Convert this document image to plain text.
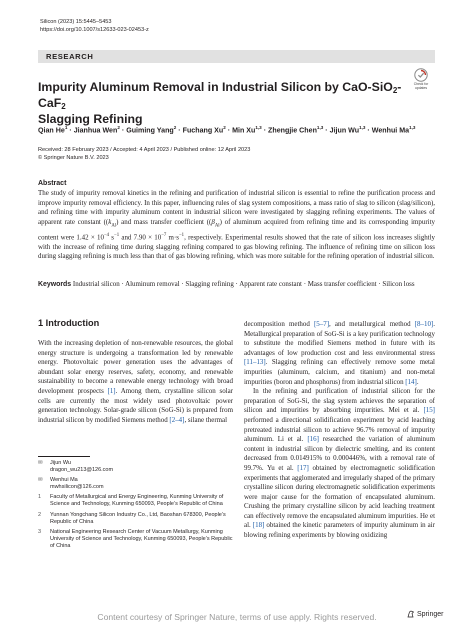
Silicon (2023) 15:5445–5453
https://doi.org/10.1007/s12633-023-02453-z
RESEARCH
Check for
updates
Impurity Aluminum Removal in Industrial Silicon by CaO-SiO$_2$-CaF$_2$
Slagging Refining

Qian $He^1$ · Jianhua Wen$^2$ · Guiming Yang$^2$ · Fuchang $Xu^2$ · Min Xu$^{1,3}$ · Zhengjie Chen$^{1,3}$ · Jijun Wu$^{1,3}$ · Wenhui Ma$^{1,3}$

Received: 28 February 2023 / Accepted: 4 April 2023 / Published online: 12 April 2023
© Springer Nature B.V. 2023
Abstract

The study of impurity removal kinetics in the refining and purification of industrial silicon is essential to refine the purification process and improve impurity removal efficiency. In this paper, influencing rules of slag system compositions, a mass ratio of slag to silicon (slag/silicon), and refining time with impurity aluminum content in industrial silicon were investigated by slagging refining experiments. The values of apparent rate constant ($(k_{Al})$ and mass transfer coefficient ($(\beta_{Al})$ of aluminum acquired from refining time and its corresponding impurity content were $1.42 \times 10^{-4}$ $s^{-1}$ and $7.90 \times 10^{-7}$ $m\cdot s^{-1}$, respectively. Experimental results showed that the rate of silicon loss increases slightly with the increase of refining time during slagging refining compared to gas blowing refining. The influence of refining time on silicon loss during slagging refining is much less than that of gas blowing refining, which was more suitable for the refining operation of industrial silicon.

Keywords Industrial silicon · Aluminum removal · Slagging refining · Apparent rate constant · Mass transfer coefficient · Silicon loss

1 Introduction

With the increasing depletion of non-renewable resources, the global energy structure is undergoing a transformation led by renewable energy. Photovoltaic power generation uses the advantages of abundant solar energy reserves, safety, economy, and renewable sustainability to become a renewable energy technology with broad development prospects [1]. Among them, crystalline silicon solar cells are currently the most widely used photovoltaic power generation technology. Solar-grade silicon (SoG-Si) is prepared from industrial silicon by modified Siemens method [2–4], silane thermal

decomposition method [5–7], and metallurgical method [8–10]. Metallurgical preparation of SoG-Si is a key purification technology to substitute the modified Siemens method in future with its advantages of low production cost and less environmental stress [11–13]. Slagging refining can effectively remove some metal impurities (aluminum, calcium, and titanium) and non-metal impurities (boron and phosphorus) from industrial silicon [14].

In the refining and purification of industrial silicon for the preparation of SoG-Si, the slag system achieves the separation of silicon and impurities by absorbing impurities. Mei et al. [15] performed a directional solidification experiment by acid leaching pretreated industrial silicon to achieve 96.7% removal of impurity aluminum. Li et al. [16] researched the variation of aluminum content in industrial silicon by dielectric smelting, and its content decreased from 0.014915% to 0.000446%, with a removal rate of 99.7%. Yu et al. [17] obtained by electromagnetic solidification experiments that agglomerated and irregularly shaped of the primary crystalline silicon during electromagnetic solidification experiments were major cause for the formation of encapsulated aluminum. Crushing the primary crystalline silicon by acid leaching treatment can effectively remove the encapsulated aluminum impurities. He et al. [18] obtained the kinetic parameters of impurity aluminum in air blowing refining experiments by blowing oxidizing

✉	Jijun Wu
dragon_wu213@126.com
✉	Wenhui Ma
mwhsilicon@126.com
1	Faculty of Metallurgical and Energy Engineering, Kunming University of Science and Technology, Kunming 650093, People’s Republic of China
2	Yunnan Yongchang Silicon Industry Co., Ltd, Baoshan 678300, People’s Republic of China
3	National Engineering Research Center of Vacuum Metallurgy, Kunming University of Science and Technology, Kunming 650093, People’s Republic of China
Springer
Content courtesy of Springer Nature, terms of use apply. Rights reserved.
